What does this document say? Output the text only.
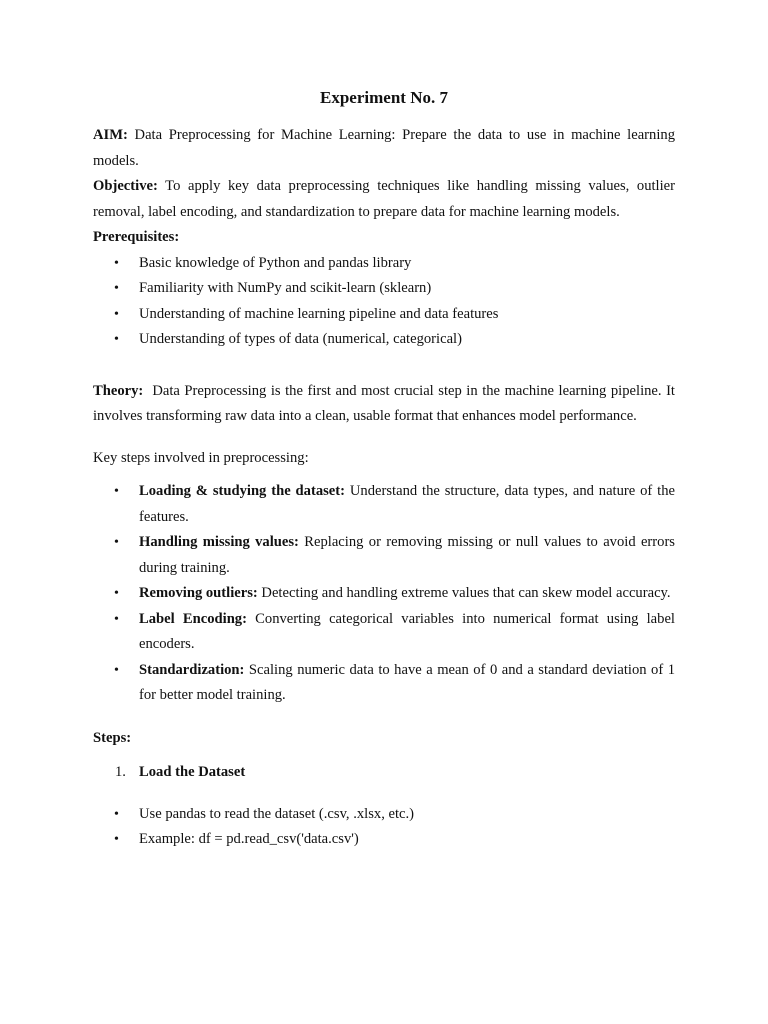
Experiment No. 7

AIM: Data Preprocessing for Machine Learning: Prepare the data to use in machine learning models.

Objective: To apply key data preprocessing techniques like handling missing values, outlier removal, label encoding, and standardization to prepare data for machine learning models.

Prerequisites:

• Basic knowledge of Python and pandas library
• Familiarity with NumPy and scikit-learn (sklearn)
• Understanding of machine learning pipeline and data features
• Understanding of types of data (numerical, categorical)

Theory:  Data Preprocessing is the first and most crucial step in the machine learning pipeline. It involves transforming raw data into a clean, usable format that enhances model performance.

Key steps involved in preprocessing:

• Loading & studying the dataset: Understand the structure, data types, and nature of the features.
• Handling missing values: Replacing or removing missing or null values to avoid errors during training.
• Removing outliers: Detecting and handling extreme values that can skew model accuracy.
• Label Encoding: Converting categorical variables into numerical format using label encoders.
• Standardization: Scaling numeric data to have a mean of 0 and a standard deviation of 1 for better model training.

Steps:

1. Load the Dataset
• Use pandas to read the dataset (.csv, .xlsx, etc.)
• Example: df = pd.read_csv('data.csv')
